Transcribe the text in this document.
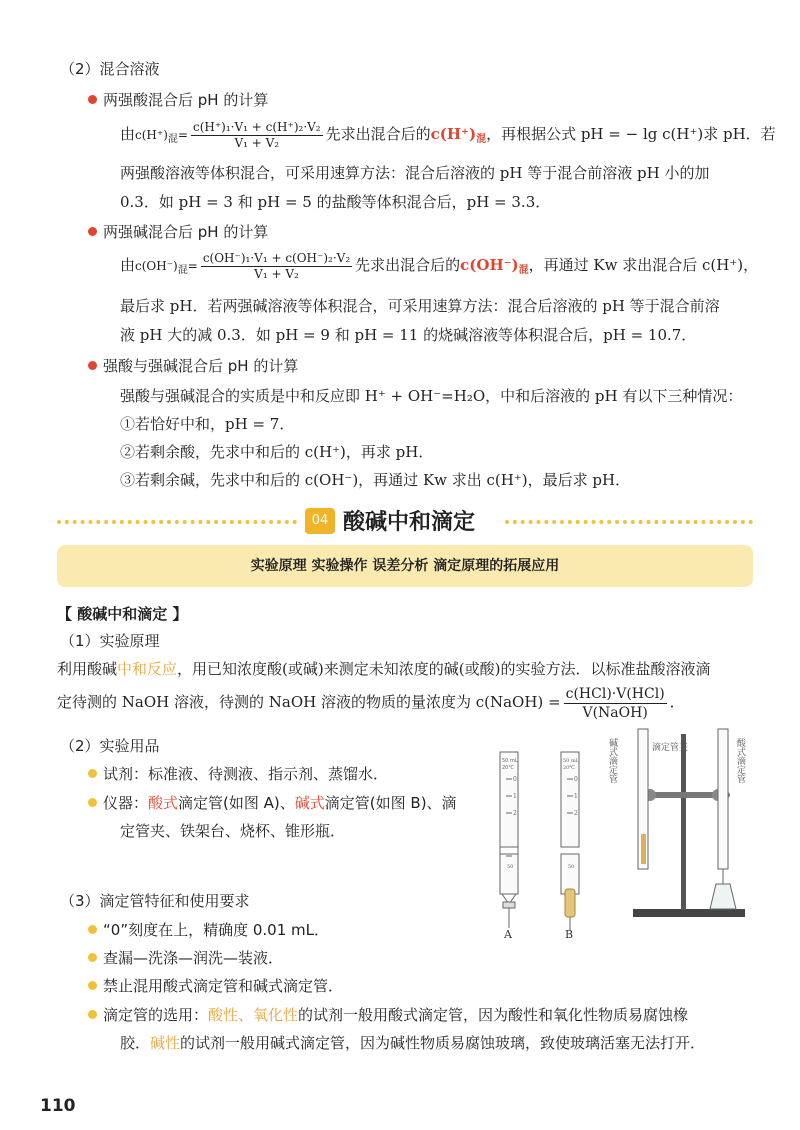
（2）混合溶液
两强酸混合后 pH 的计算
由$c(H^+)_混= \frac{\text{c(H⁺)₁·V₁ + c(H⁺)₂·V₂}}{\text{V₁ + V₂}}$ 先求出混合后的$c(H^+)_混$，再根据公式 pH = − lg c(H⁺)求 pH．若
两强酸溶液等体积混合，可采用速算方法：混合后溶液的 pH 等于混合前溶液 pH 小的加
0.3．如 pH = 3 和 pH = 5 的盐酸等体积混合后，pH = 3.3．
两强碱混合后 pH 的计算
由$c(OH^-)_混= \frac{\text{c(OH⁻)₁·V₁ + c(OH⁻)₂·V₂}}{\text{V₁ + V₂}}$ 先求出混合后的$c(OH^-)_混$，再通过 Kw 求出混合后 c(H⁺)，
最后求 pH．若两强碱溶液等体积混合，可采用速算方法：混合后溶液的 pH 等于混合前溶
液 pH 大的减 0.3．如 pH = 9 和 pH = 11 的烧碱溶液等体积混合后，pH = 10.7．
强酸与强碱混合后 pH 的计算
强酸与强碱混合的实质是中和反应即 H⁺ + OH⁻=H₂O，中和后溶液的 pH 有以下三种情况：
①若恰好中和，pH = 7．
②若剩余酸，先求中和后的 c(H⁺)，再求 pH．
③若剩余碱，先求中和后的 c(OH⁻)，再通过 Kw 求出 c(H⁺)，最后求 pH．
04 酸碱中和滴定
实验原理 实验操作 误差分析 滴定原理的拓展应用
【 酸碱中和滴定 】
（1）实验原理
利用酸碱中和反应，用已知浓度酸(或碱)来测定未知浓度的碱(或酸)的实验方法．以标准盐酸溶液滴
定待测的 NaOH 溶液，待测的 NaOH 溶液的物质的量浓度为 c(NaOH) = $\frac{\text{c(HCl)·V(HCl)}}{\text{V(NaOH)}}$ ．
（2）实验用品
试剂：标准液、待测液、指示剂、蒸馏水．
仪器：酸式滴定管(如图 A)、碱式滴定管(如图 B)、滴
定管夹、铁架台、烧杯、锥形瓶．
（3）滴定管特征和使用要求
“0”刻度在上，精确度 0.01 mL．
查漏—洗涤—润洗—装液．
禁止混用酸式滴定管和碱式滴定管．
滴定管的选用：酸性、氧化性的试剂一般用酸式滴定管，因为酸性和氧化性物质易腐蚀橡
胶．碱性的试剂一般用碱式滴定管，因为碱性物质易腐蚀玻璃，致使玻璃活塞无法打开．
50 mL
20℃
0
1
2
50
A
50 mL
20℃
0
1
2
50
B
碱式滴定管	滴定管夹	酸式滴定管
110
